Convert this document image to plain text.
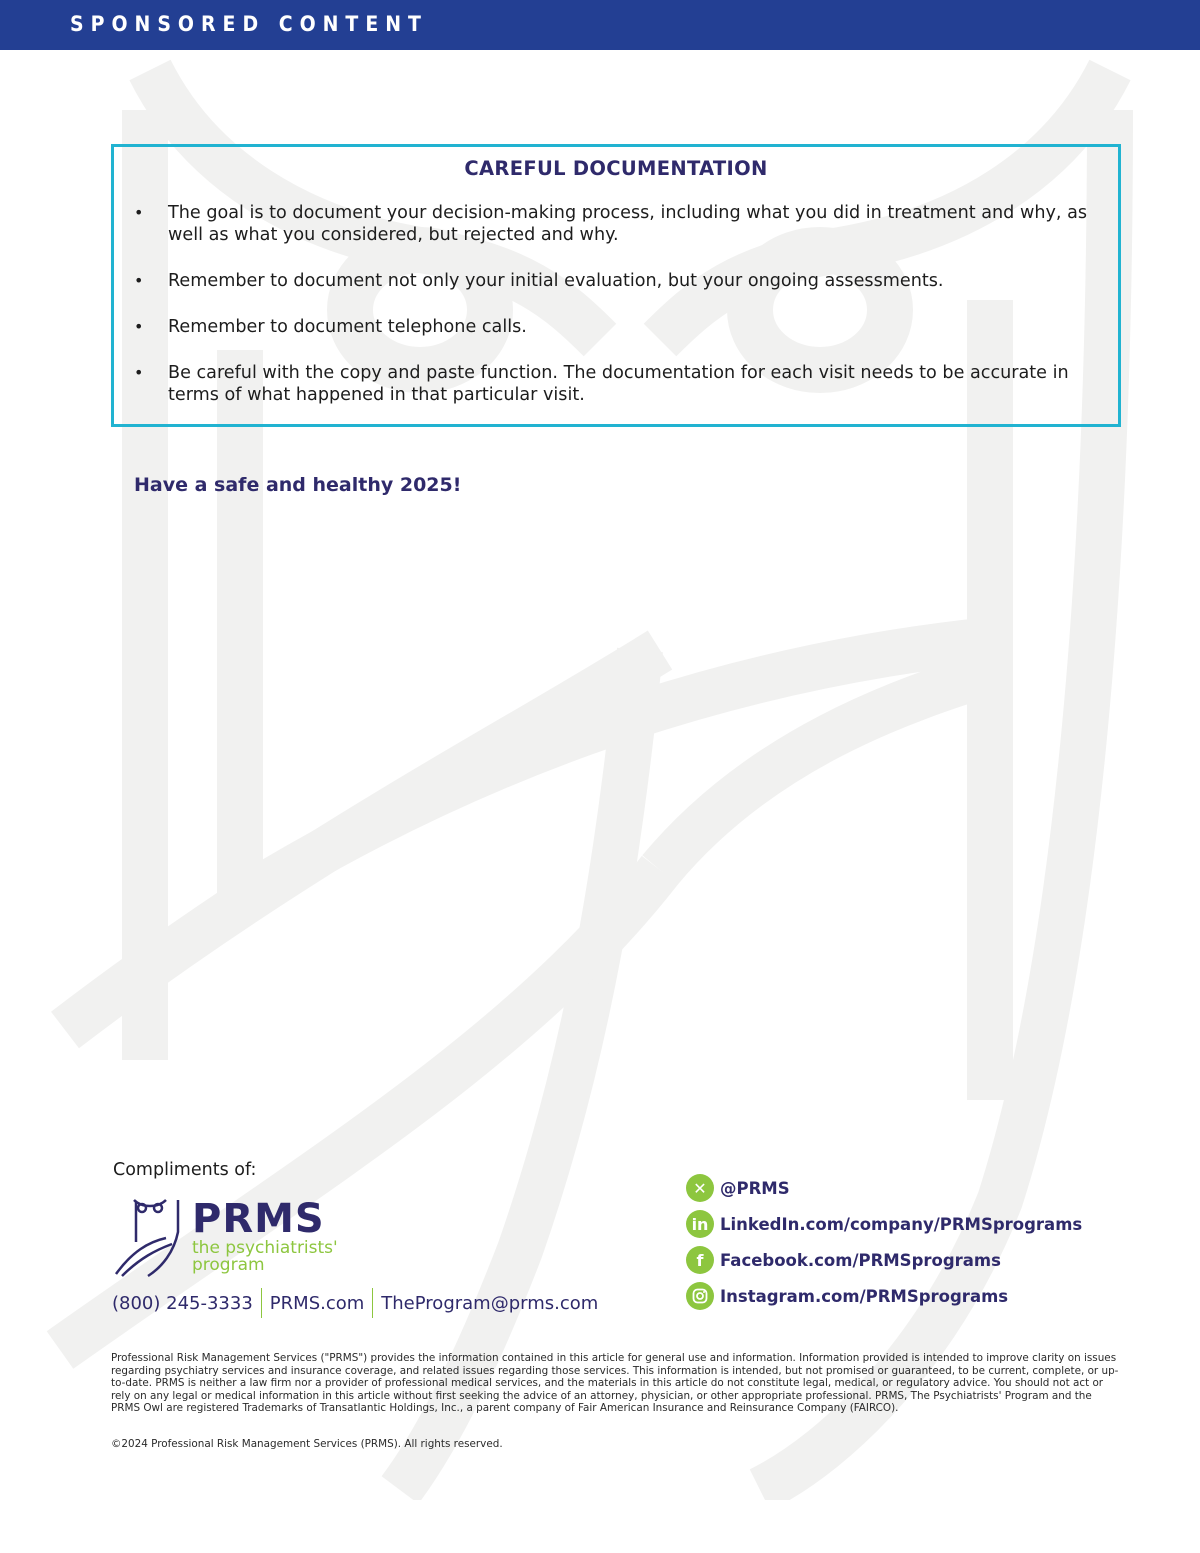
SPONSORED CONTENT
CAREFUL DOCUMENTATION
• The goal is to document your decision-making process, including what you did in treatment and why, as well as what you considered, but rejected and why.
• Remember to document not only your initial evaluation, but your ongoing assessments.
• Remember to document telephone calls.
• Be careful with the copy and paste function. The documentation for each visit needs to be accurate in terms of what happened in that particular visit.
Have a safe and healthy 2025!
Compliments of:
PRMS
the psychiatrists'
program
(800) 245-3333 PRMS.com TheProgram@prms.com
✕ @PRMS
in LinkedIn.com/company/PRMSprograms
f	Facebook.com/PRMSprograms
Instagram.com/PRMSprograms
Professional Risk Management Services ("PRMS") provides the information contained in this article for general use and information. Information provided is intended to improve clarity on issues regarding psychiatry services and insurance coverage, and related issues regarding those services. This information is intended, but not promised or guaranteed, to be current, complete, or up-to-date. PRMS is neither a law firm nor a provider of professional medical services, and the materials in this article do not constitute legal, medical, or regulatory advice. You should not act or rely on any legal or medical information in this article without first seeking the advice of an attorney, physician, or other appropriate professional. PRMS, The Psychiatrists' Program and the PRMS Owl are registered Trademarks of Transatlantic Holdings, Inc., a parent company of Fair American Insurance and Reinsurance Company (FAIRCO).
©2024 Professional Risk Management Services (PRMS). All rights reserved.
